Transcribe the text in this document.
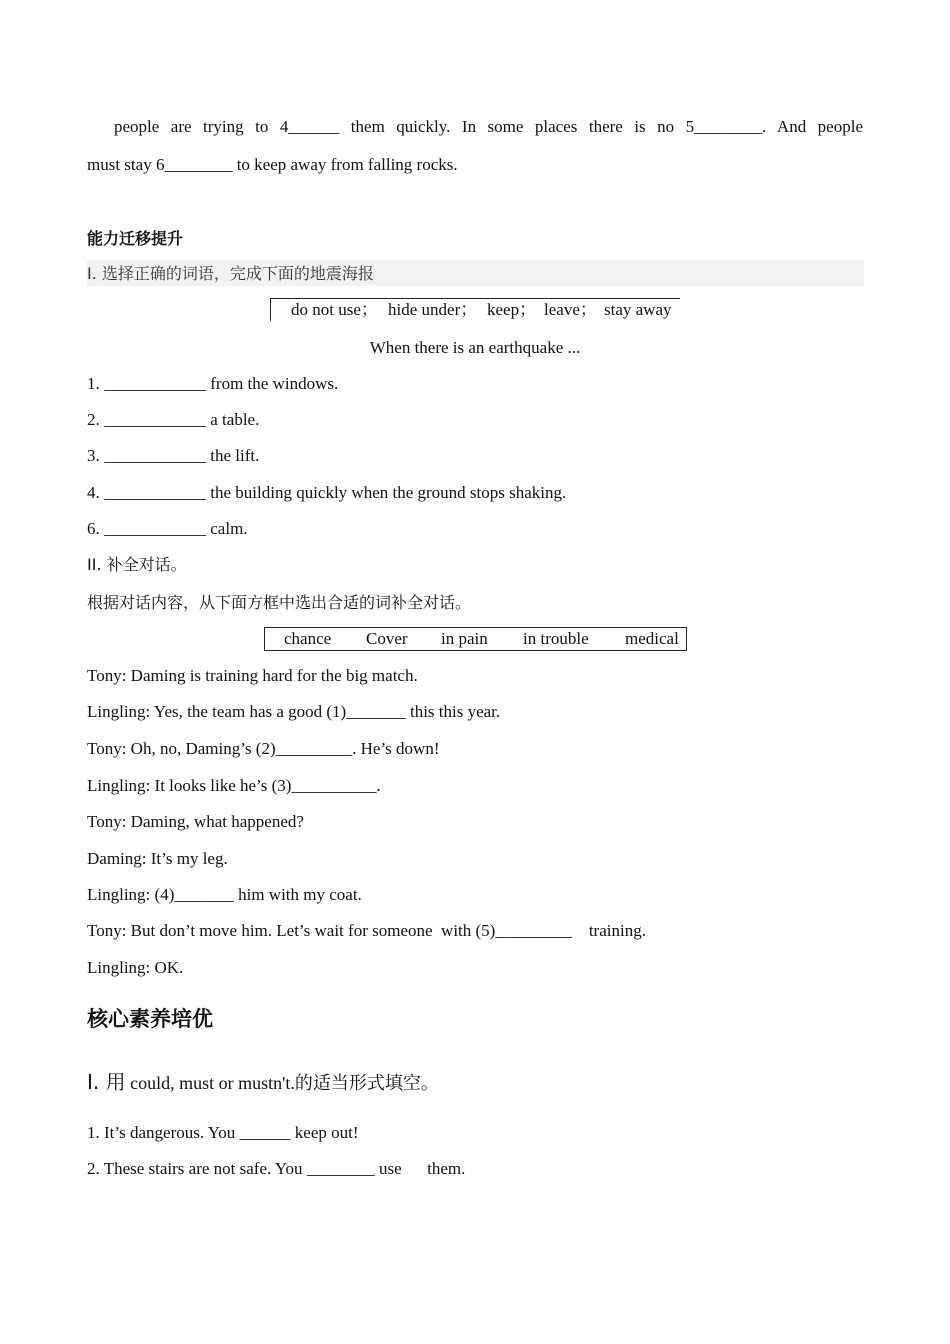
people are trying to 4______ them quickly. In some places there is no 5________. And people
must stay 6________ to keep away from falling rocks.
能力迁移提升
I. 选择正确的词语，完成下面的地震海报
do not use； hide under； keep； leave； stay away
When there is an earthquake ...
1. ____________ from the windows.
2. ____________ a table.
3. ____________ the lift.
4. ____________ the building quickly when the ground stops shaking.
6. ____________ calm.
II. 补全对话。
根据对话内容，从下面方框中选出合适的词补全对话。
chance Cover in pain in trouble medical
Tony: Daming is training hard for the big match.
Lingling: Yes, the team has a good (1)_______ this this year.
Tony: Oh, no, Daming’s (2)_________. He’s down!
Lingling: It looks like he’s (3)__________.
Tony: Daming, what happened?
Daming: It’s my leg.
Lingling: (4)_______ him with my coat.
Tony: But don’t move him. Let’s wait for someone  with (5)_________    training.
Lingling: OK.
核心素养培优
I. 用 could, must or mustn't.的适当形式填空。
1. It’s dangerous. You ______ keep out!
2. These stairs are not safe. You ________ use      them.
